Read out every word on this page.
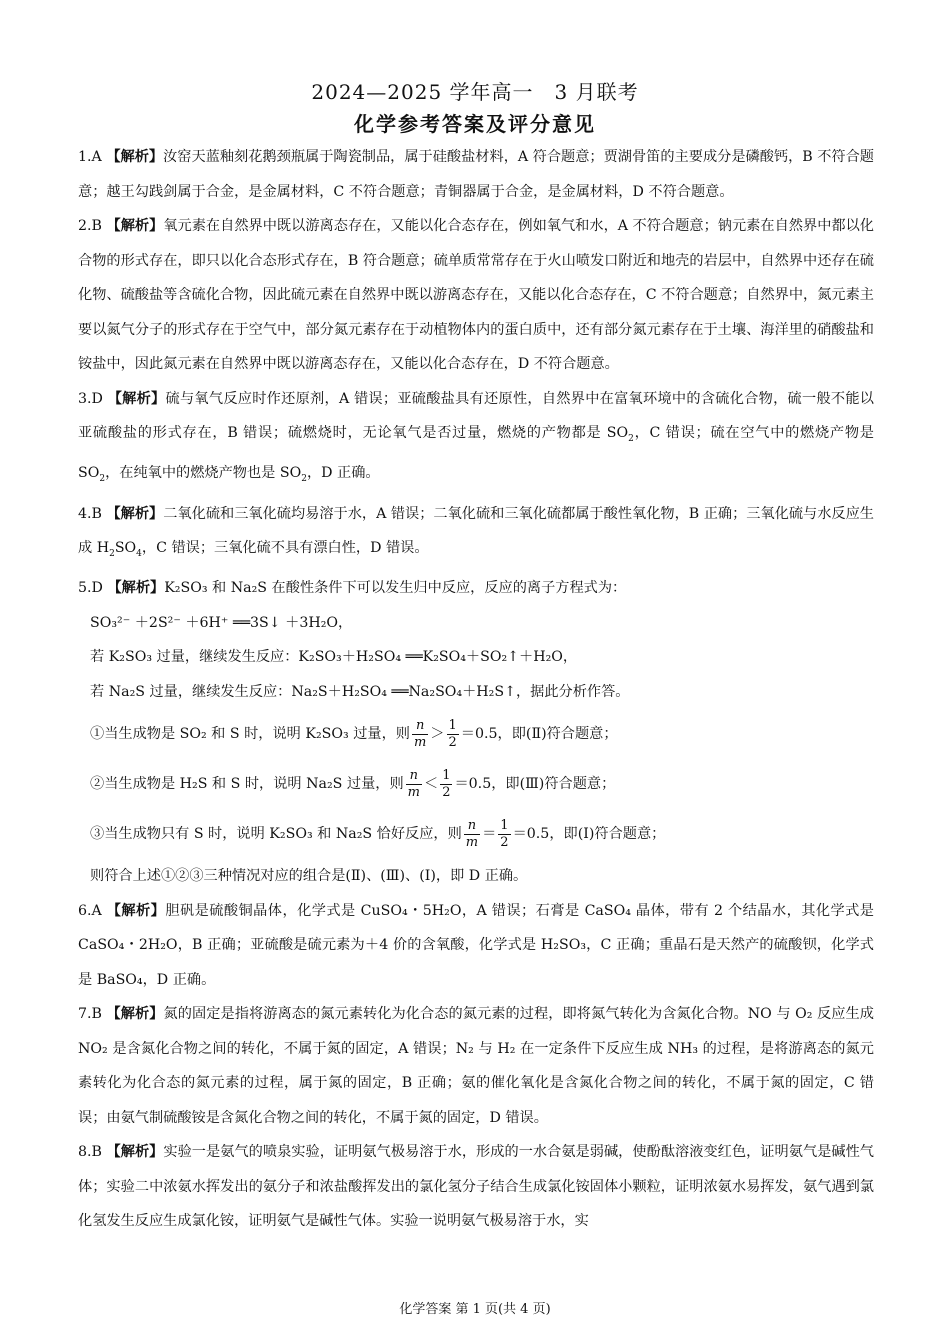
2024—2025 学年高一　3 月联考
化学参考答案及评分意见
1.A 【解析】汝窑天蓝釉刻花鹅颈瓶属于陶瓷制品，属于硅酸盐材料，A 符合题意；贾湖骨笛的主要成分是磷酸钙，B 不符合题意；越王勾践剑属于合金，是金属材料，C 不符合题意；青铜器属于合金，是金属材料，D 不符合题意。
2.B 【解析】氧元素在自然界中既以游离态存在，又能以化合态存在，例如氧气和水，A 不符合题意；钠元素在自然界中都以化合物的形式存在，即只以化合态形式存在，B 符合题意；硫单质常常存在于火山喷发口附近和地壳的岩层中，自然界中还存在硫化物、硫酸盐等含硫化合物，因此硫元素在自然界中既以游离态存在，又能以化合态存在，C 不符合题意；自然界中，氮元素主要以氮气分子的形式存在于空气中，部分氮元素存在于动植物体内的蛋白质中，还有部分氮元素存在于土壤、海洋里的硝酸盐和铵盐中，因此氮元素在自然界中既以游离态存在，又能以化合态存在，D 不符合题意。
3.D 【解析】硫与氧气反应时作还原剂，A 错误；亚硫酸盐具有还原性，自然界中在富氧环境中的含硫化合物，硫一般不能以亚硫酸盐的形式存在，B 错误；硫燃烧时，无论氧气是否过量，燃烧的产物都是 $SO_2$，C 错误；硫在空气中的燃烧产物是 $SO_2$，在纯氧中的燃烧产物也是 $SO_2$，D 正确。
4.B 【解析】二氧化硫和三氧化硫均易溶于水，A 错误；二氧化硫和三氧化硫都属于酸性氧化物，B 正确；三氧化硫与水反应生成 $H_2SO_4$，C 错误；三氧化硫不具有漂白性，D 错误。

5.D 【解析】K₂SO₃ 和 Na₂S 在酸性条件下可以发生归中反应，反应的离子方程式为：

SO₃²⁻ ＋2S²⁻ ＋6H⁺ ══3S↓ ＋3H₂O，

若 K₂SO₃ 过量，继续发生反应：K₂SO₃＋H₂SO₄ ══K₂SO₄＋SO₂↑＋H₂O，

若 Na₂S 过量，继续发生反应：Na₂S＋H₂SO₄ ══Na₂SO₄＋H₂S↑，据此分析作答。

①当生成物是 SO₂ 和 S 时，说明 K₂SO₃ 过量，则 $\frac{n}{m} > \frac{1}{2} =0.5$，即(Ⅱ)符合题意；

②当生成物是 H₂S 和 S 时，说明 Na₂S 过量，则 $\frac{n}{m} < \frac{1}{2} =0.5$，即(Ⅲ)符合题意；

③当生成物只有 S 时，说明 K₂SO₃ 和 Na₂S 恰好反应，则 $\frac{n}{m} = \frac{1}{2} =0.5$，即(Ⅰ)符合题意；

则符合上述①②③三种情况对应的组合是(Ⅱ)、(Ⅲ)、(Ⅰ)，即 D 正确。

6.A 【解析】胆矾是硫酸铜晶体，化学式是 CuSO₄・5H₂O，A 错误；石膏是 CaSO₄ 晶体，带有 2 个结晶水，其化学式是 CaSO₄・2H₂O，B 正确；亚硫酸是硫元素为＋4 价的含氧酸，化学式是 H₂SO₃，C 正确；重晶石是天然产的硫酸钡，化学式是 BaSO₄，D 正确。
7.B 【解析】氮的固定是指将游离态的氮元素转化为化合态的氮元素的过程，即将氮气转化为含氮化合物。NO 与 O₂ 反应生成 NO₂ 是含氮化合物之间的转化，不属于氮的固定，A 错误；N₂ 与 H₂ 在一定条件下反应生成 NH₃ 的过程，是将游离态的氮元素转化为化合态的氮元素的过程，属于氮的固定，B 正确；氨的催化氧化是含氮化合物之间的转化，不属于氮的固定，C 错误；由氨气制硫酸铵是含氮化合物之间的转化，不属于氮的固定，D 错误。
8.B 【解析】实验一是氨气的喷泉实验，证明氨气极易溶于水，形成的一水合氨是弱碱，使酚酞溶液变红色，证明氨气是碱性气体；实验二中浓氨水挥发出的氨分子和浓盐酸挥发出的氯化氢分子结合生成氯化铵固体小颗粒，证明浓氨水易挥发，氨气遇到氯化氢发生反应生成氯化铵，证明氨气是碱性气体。实验一说明氨气极易溶于水，实
化学答案 第 1 页(共 4 页)
